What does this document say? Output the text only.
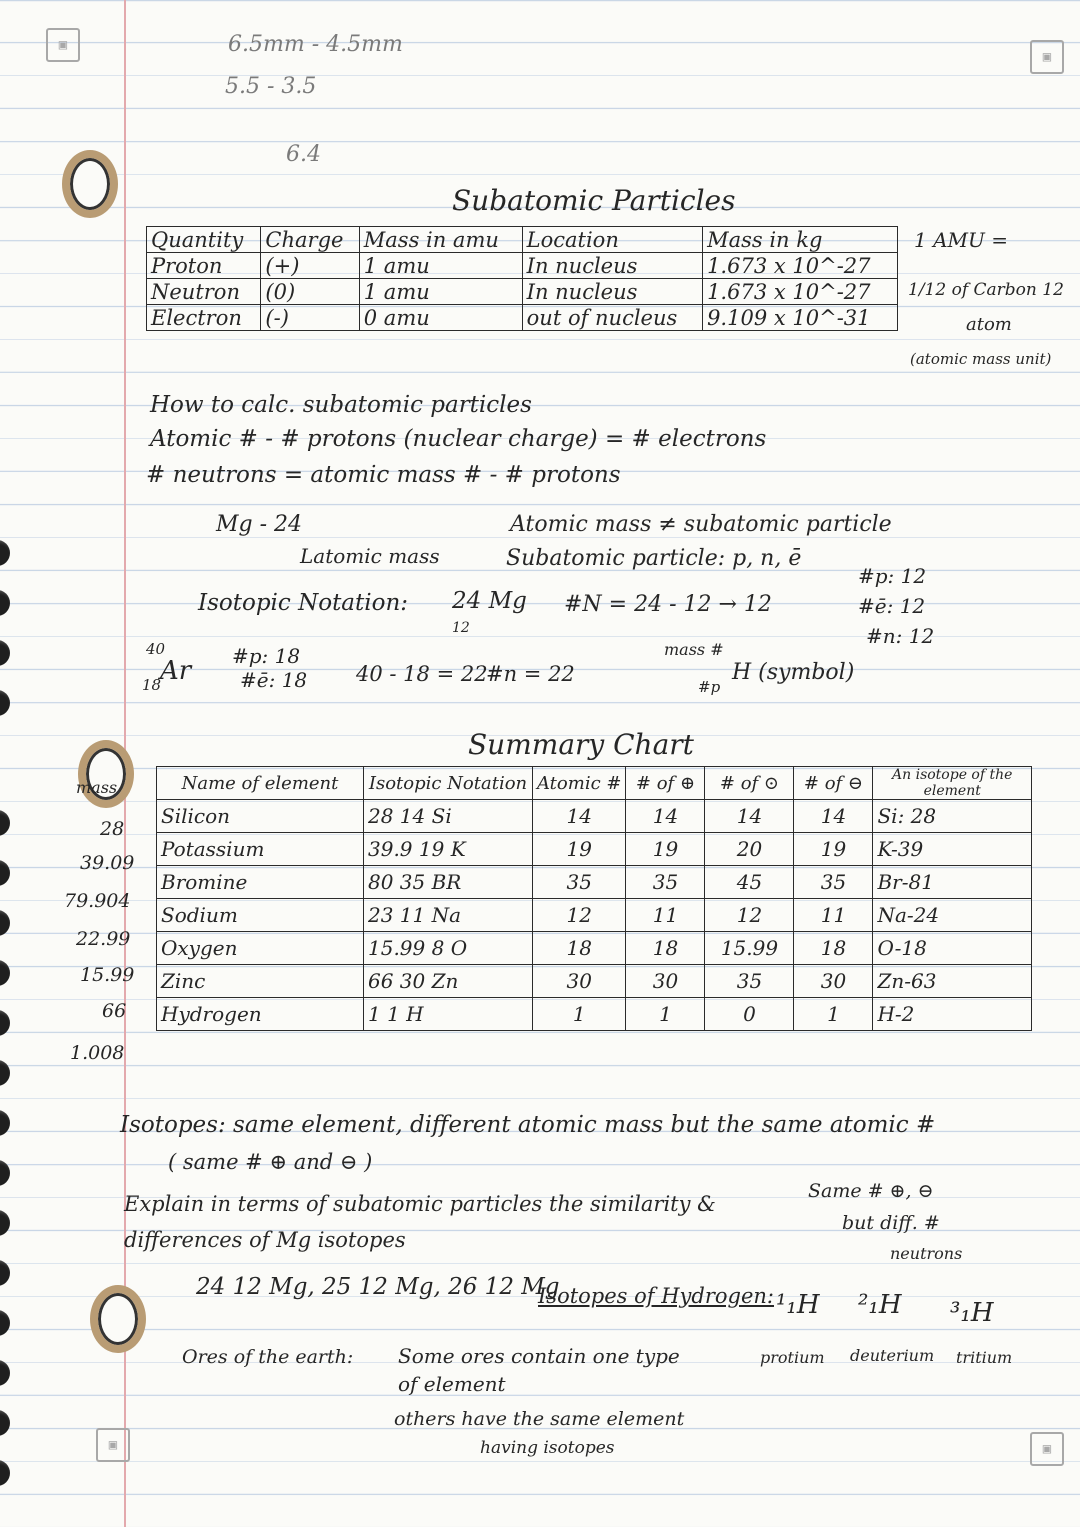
▣
▣
▣	▣
6.5mm - 4.5mm
5.5 - 3.5
6.4
Subatomic Particles
Quantity	Charge	Mass in amu	Location	Mass in kg
Proton	(+)	1 amu	In nucleus	1.673 x 10^-27
Neutron	(0)	1 amu	In nucleus	1.673 x 10^-27
Electron	(-)	0 amu	out of nucleus	9.109 x 10^-31
1 AMU =
1/12 of Carbon 12
atom
(atomic mass unit)
How to calc. subatomic particles
Atomic # - # protons (nuclear charge) = # electrons
# neutrons = atomic mass # - # protons
Mg - 24
Latomic mass
Atomic mass ≠ subatomic particle
Subatomic particle: p, n, ē
Isotopic Notation: 24 Mg
12
#N = 24 - 12 → 12
#p: 12
#ē: 12
#n: 12
40
Ar
18
#p: 18
#ē: 18 40 - 18 = 22
#n = 22
mass #
#p
H (symbol)
Summary Chart
mass
28
39.09
79.904
22.99
15.99
66
1.008
Name of element	Isotopic Notation	Atomic #	# of ⊕	# of ⊙	# of ⊖	An isotope of the element
Silicon	28 14 Si	14	14	14	14	Si: 28
Potassium	39.9 19 K	19	19	20	19	K-39
Bromine	80 35 BR	35	35	45	35	Br-81
Sodium	23 11 Na	12	11	12	11	Na-24
Oxygen	15.99 8 O	18	18	15.99	18	O-18
Zinc	66 30 Zn	30	30	35	30	Zn-63
Hydrogen	1 1 H	1	1	0	1	H-2
Isotopes: same element, different atomic mass but the same atomic #
( same # ⊕ and ⊖ )
Explain in terms of subatomic particles the similarity & differences of Mg isotopes
Same # ⊕, ⊖
but diff. #
neutrons
24 12 Mg, 25 12 Mg, 26 12 Mg
Isotopes of Hydrogen: ¹₁H ²₁H ³₁H
protium deuterium tritium
Ores of the earth: Some ores contain one type
of element
others have the same element
having isotopes
